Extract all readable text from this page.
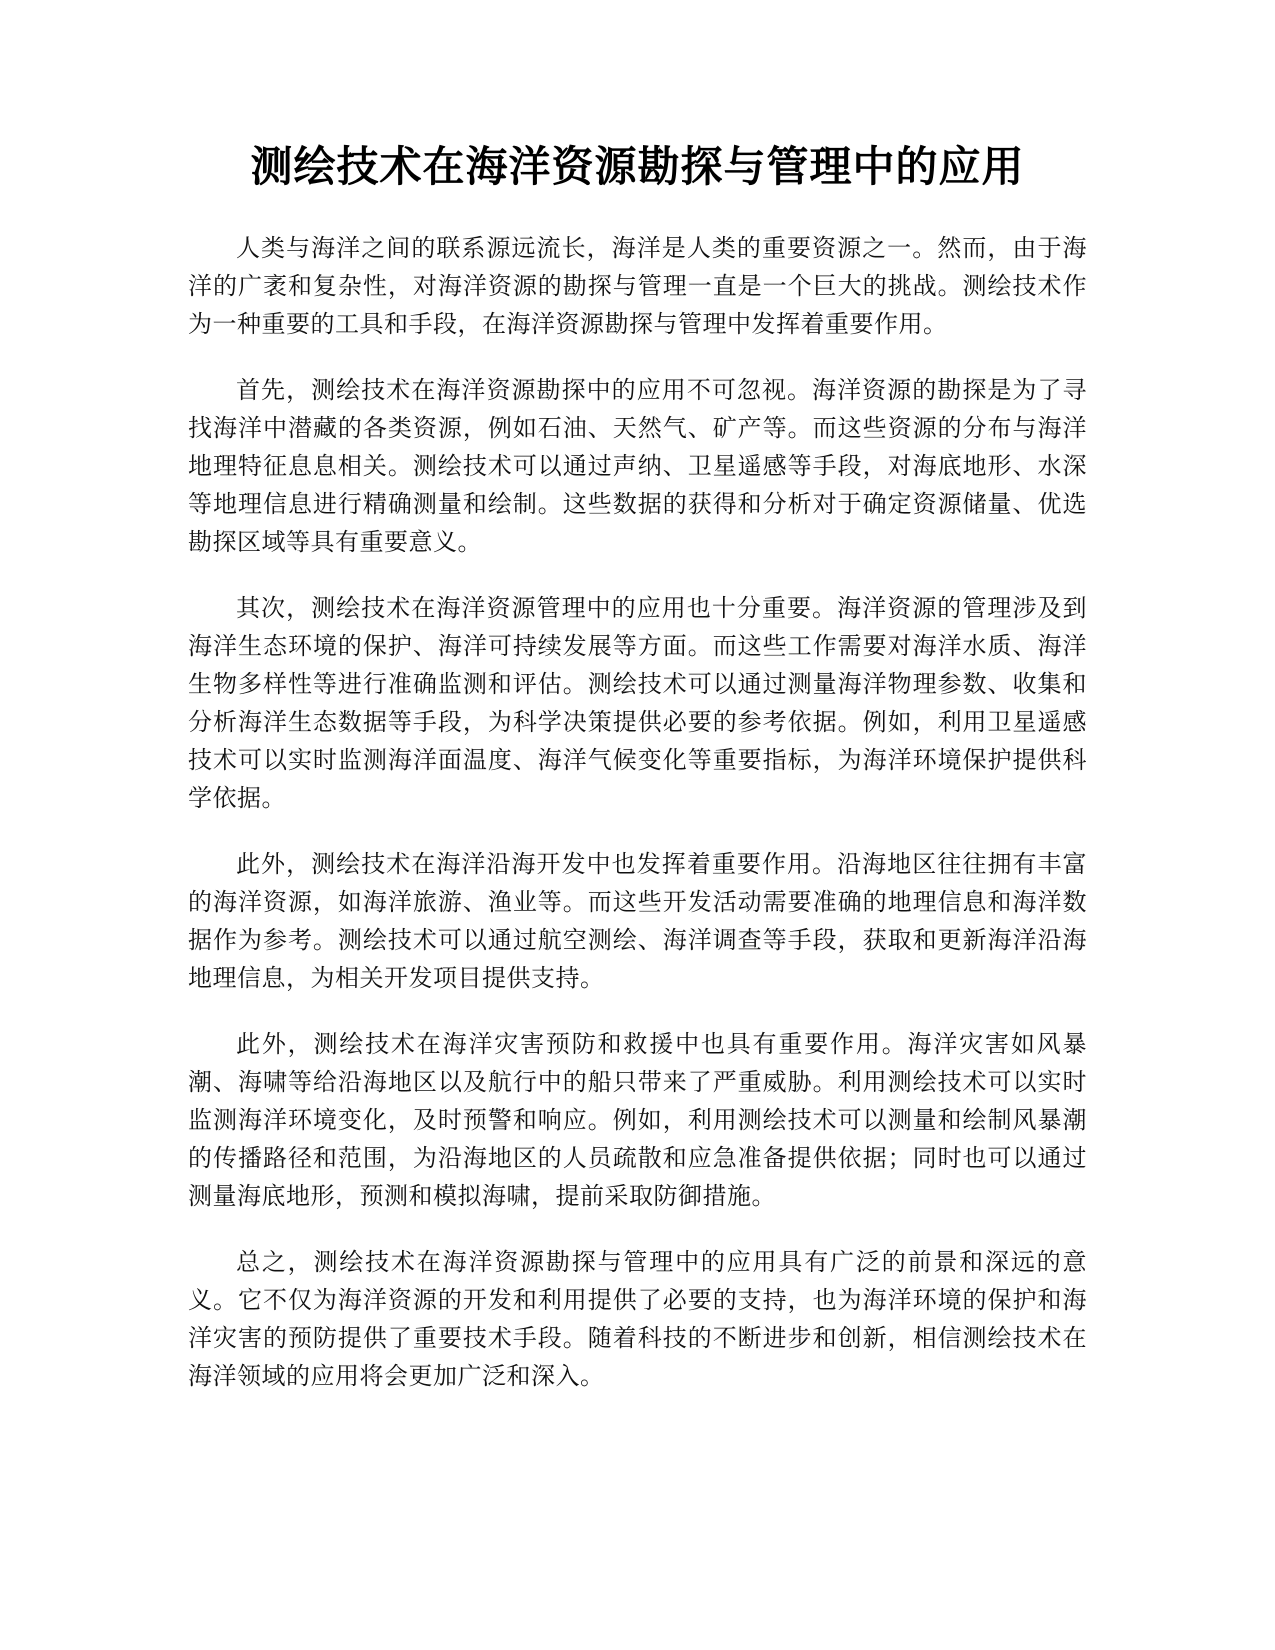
测绘技术在海洋资源勘探与管理中的应用

人类与海洋之间的联系源远流长，海洋是人类的重要资源之一。然而，由于海洋的广袤和复杂性，对海洋资源的勘探与管理一直是一个巨大的挑战。测绘技术作为一种重要的工具和手段，在海洋资源勘探与管理中发挥着重要作用。

首先，测绘技术在海洋资源勘探中的应用不可忽视。海洋资源的勘探是为了寻找海洋中潜藏的各类资源，例如石油、天然气、矿产等。而这些资源的分布与海洋地理特征息息相关。测绘技术可以通过声纳、卫星遥感等手段，对海底地形、水深等地理信息进行精确测量和绘制。这些数据的获得和分析对于确定资源储量、优选勘探区域等具有重要意义。

其次，测绘技术在海洋资源管理中的应用也十分重要。海洋资源的管理涉及到海洋生态环境的保护、海洋可持续发展等方面。而这些工作需要对海洋水质、海洋生物多样性等进行准确监测和评估。测绘技术可以通过测量海洋物理参数、收集和分析海洋生态数据等手段，为科学决策提供必要的参考依据。例如，利用卫星遥感技术可以实时监测海洋面温度、海洋气候变化等重要指标，为海洋环境保护提供科学依据。

此外，测绘技术在海洋沿海开发中也发挥着重要作用。沿海地区往往拥有丰富的海洋资源，如海洋旅游、渔业等。而这些开发活动需要准确的地理信息和海洋数据作为参考。测绘技术可以通过航空测绘、海洋调查等手段，获取和更新海洋沿海地理信息，为相关开发项目提供支持。

此外，测绘技术在海洋灾害预防和救援中也具有重要作用。海洋灾害如风暴潮、海啸等给沿海地区以及航行中的船只带来了严重威胁。利用测绘技术可以实时监测海洋环境变化，及时预警和响应。例如，利用测绘技术可以测量和绘制风暴潮的传播路径和范围，为沿海地区的人员疏散和应急准备提供依据；同时也可以通过测量海底地形，预测和模拟海啸，提前采取防御措施。

总之，测绘技术在海洋资源勘探与管理中的应用具有广泛的前景和深远的意义。它不仅为海洋资源的开发和利用提供了必要的支持，也为海洋环境的保护和海洋灾害的预防提供了重要技术手段。随着科技的不断进步和创新，相信测绘技术在海洋领域的应用将会更加广泛和深入。
